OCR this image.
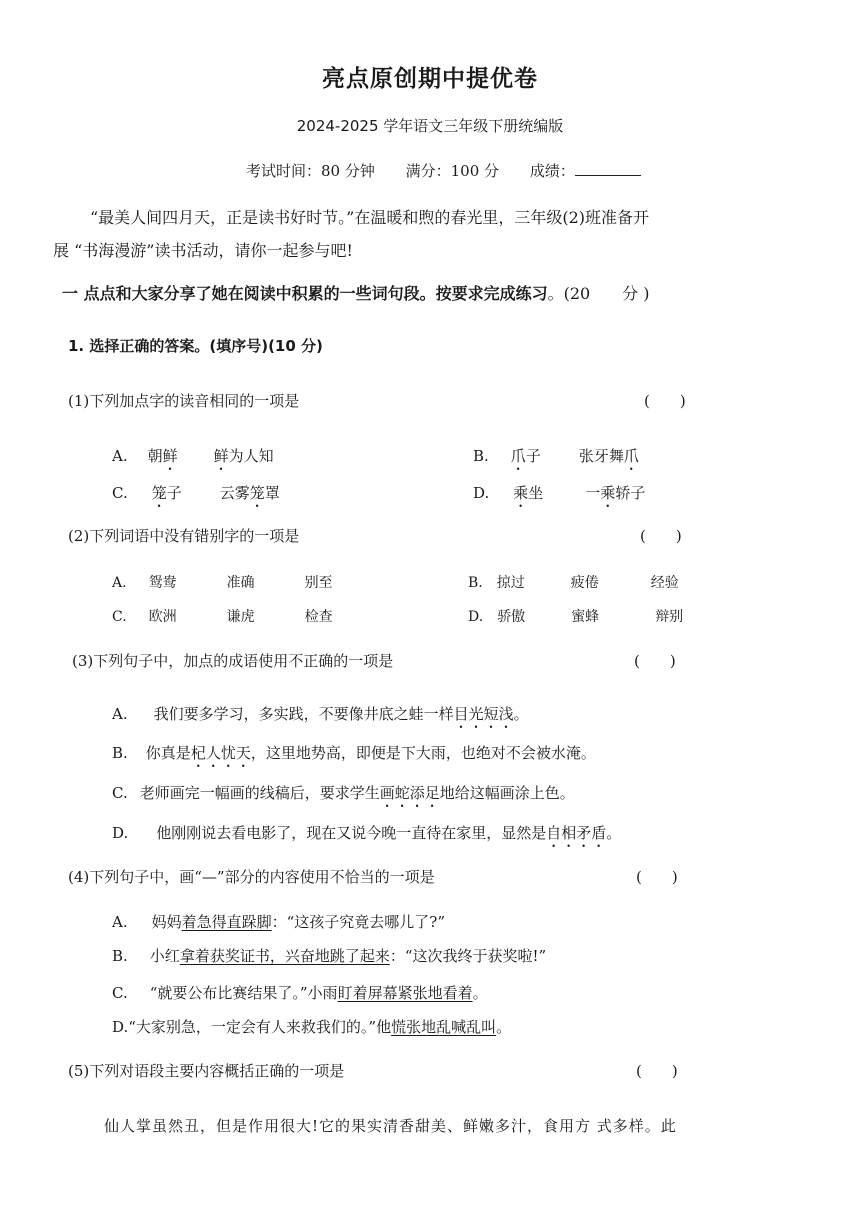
亮点原创期中提优卷
2024-2025 学年语文三年级下册统编版
考试时间：80 分钟 满分：100 分 成绩：
“最美人间四月天，正是读书好时节。”在温暖和煦的春光里，三年级(2)班准备开
展 “书海漫游”读书活动，请你一起参与吧!
一 点点和大家分享了她在阅读中积累的一些词句段。按要求完成练习。(20　　分 )
1. 选择正确的答案。(填序号)(10 分)
(1)下列加点字的读音相同的一项是	(　　)
A. 朝鲜 鲜为人知	B. 爪子	张牙舞爪
C. 笼子	云雾笼罩	D. 乘坐	一乘轿子
(2)下列词语中没有错别字的一项是	(　　)
A. 鸳鸯	准确	别至	B. 掠过	疲倦	经验
C. 欧洲	谦虎	检查	D. 骄傲	蜜蜂	辩别
(3)下列句子中，加点的成语使用不正确的一项是	(　　)
A. 我们要多学习，多实践，不要像井底之蛙一样目光短浅。
B. 你真是杞人忧天，这里地势高，即便是下大雨，也绝对不会被水淹。
C. 老师画完一幅画的线稿后，要求学生画蛇添足地给这幅画涂上色。
D. 他刚刚说去看电影了，现在又说今晚一直待在家里，显然是自相矛盾。
(4)下列句子中，画“—”部分的内容使用不恰当的一项是	(　　)
A. 妈妈着急得直跺脚：“这孩子究竟去哪儿了?”
B. 小红拿着获奖证书，兴奋地跳了起来：“这次我终于获奖啦!”
C. “就要公布比赛结果了。”小雨盯着屏幕紧张地看着。
D.“大家别急，一定会有人来救我们的。”他慌张地乱喊乱叫。
(5)下列对语段主要内容概括正确的一项是	(　　)
仙人掌虽然丑，但是作用很大!它的果实清香甜美、鲜嫩多汁，食用方 式多样。此
